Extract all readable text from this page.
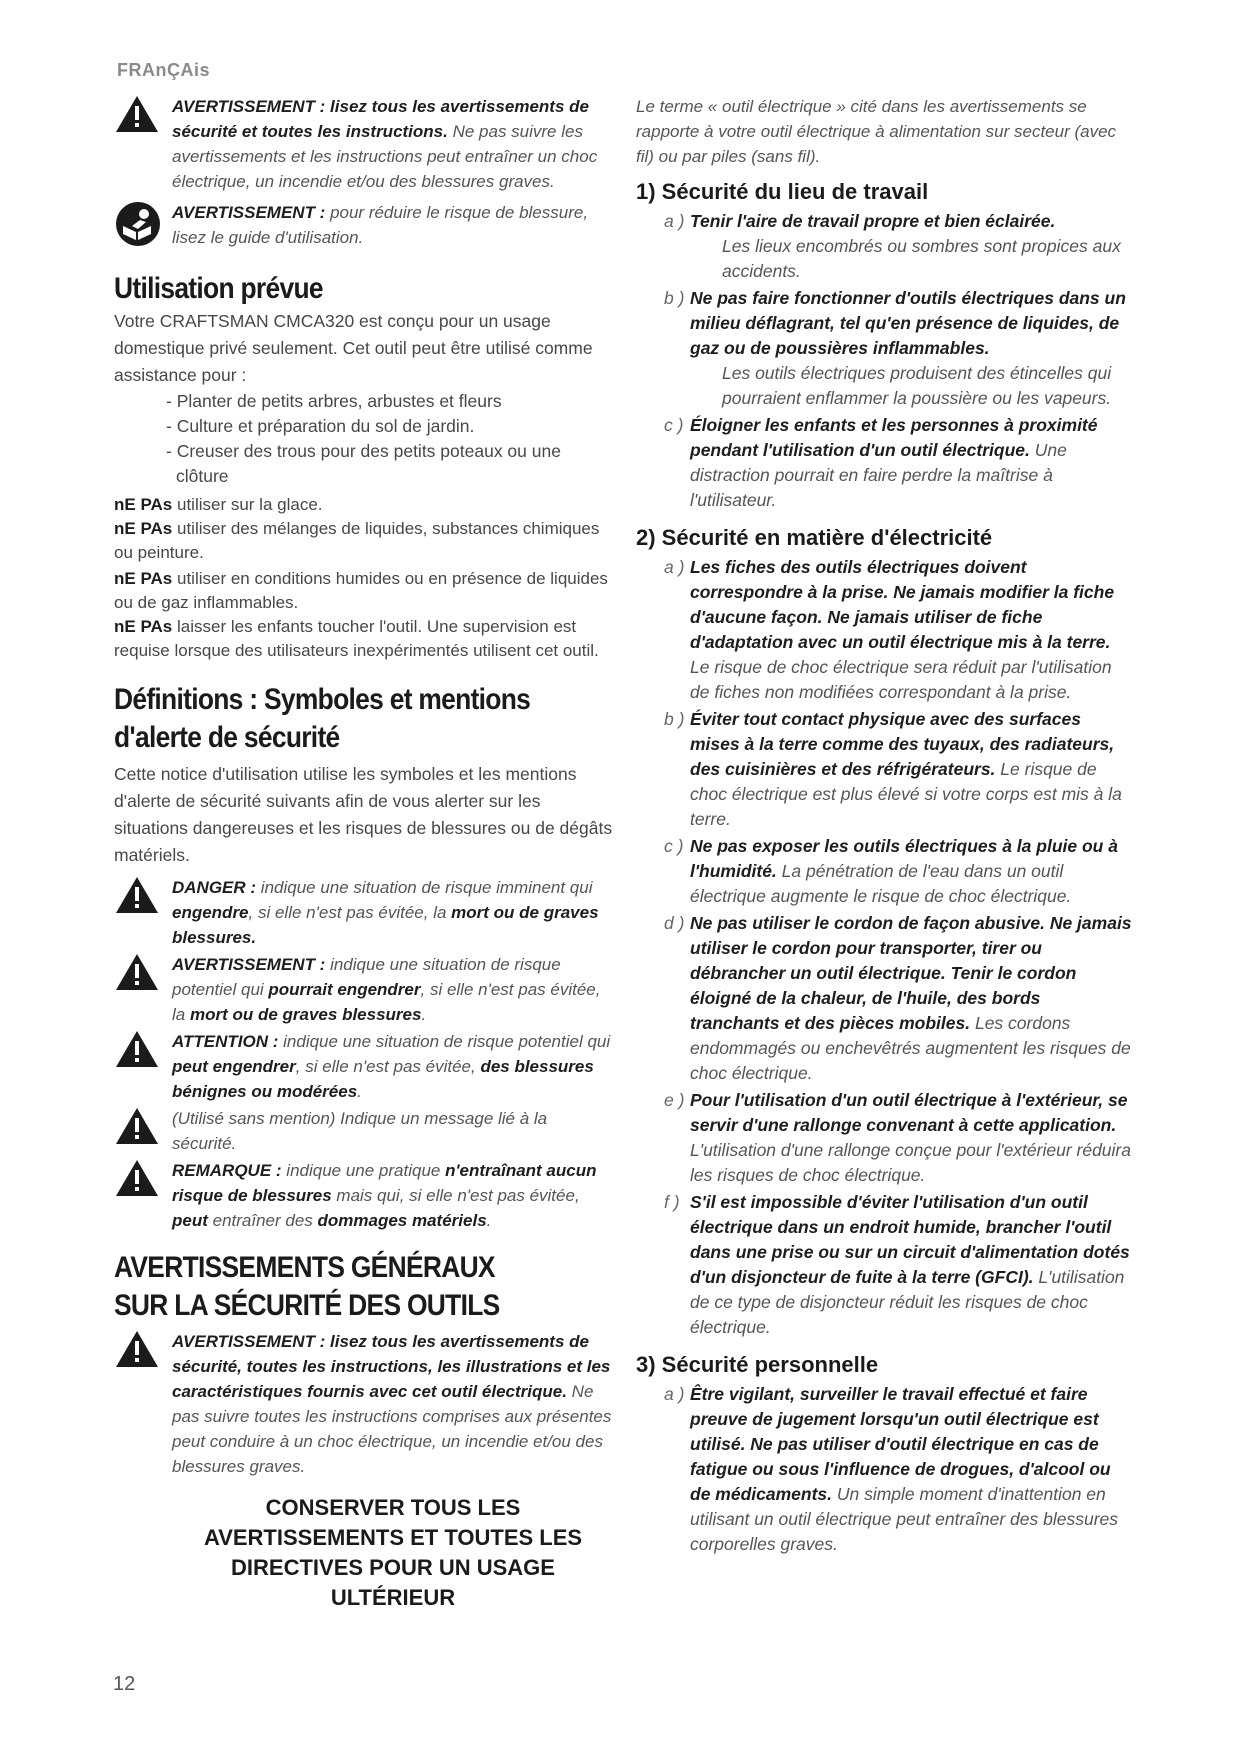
FRAnÇAis
AVERTISSEMENT : lisez tous les avertissements de sécurité et toutes les instructions. Ne pas suivre les avertissements et les instructions peut entraîner un choc électrique, un incendie et/ou des blessures graves.
AVERTISSEMENT : pour réduire le risque de blessure, lisez le guide d'utilisation.
Utilisation prévue

Votre CRAFTSMAN CMCA320 est conçu pour un usage domestique privé seulement. Cet outil peut être utilisé comme assistance pour :

- Planter de petits arbres, arbustes et fleurs
- Culture et préparation du sol de jardin.
- Creuser des trous pour des petits poteaux ou une clôture

nE PAs utiliser sur la glace.

nE PAs utiliser des mélanges de liquides, substances chimiques ou peinture.

nE PAs utiliser en conditions humides ou en présence de liquides ou de gaz inflammables.

nE PAs laisser les enfants toucher l'outil. Une supervision est requise lorsque des utilisateurs inexpérimentés utilisent cet outil.

Définitions : Symboles et mentions d'alerte de sécurité

Cette notice d'utilisation utilise les symboles et les mentions d'alerte de sécurité suivants afin de vous alerter sur les situations dangereuses et les risques de blessures ou de dégâts matériels.

DANGER : indique une situation de risque imminent qui engendre, si elle n'est pas évitée, la mort ou de graves blessures.
AVERTISSEMENT : indique une situation de risque potentiel qui pourrait engendrer, si elle n'est pas évitée, la mort ou de graves blessures.
ATTENTION : indique une situation de risque potentiel qui peut engendrer, si elle n'est pas évitée, des blessures bénignes ou modérées.
(Utilisé sans mention) Indique un message lié à la sécurité.
REMARQUE : indique une pratique n'entraînant aucun risque de blessures mais qui, si elle n'est pas évitée, peut entraîner des dommages matériels.
AVERTISSEMENTS GÉNÉRAUX SUR LA SÉCURITÉ DES OUTILS
AVERTISSEMENT : lisez tous les avertissements de sécurité, toutes les instructions, les illustrations et les caractéristiques fournis avec cet outil électrique. Ne pas suivre toutes les instructions comprises aux présentes peut conduire à un choc électrique, un incendie et/ou des blessures graves.
CONSERVER TOUS LES AVERTISSEMENTS ET TOUTES LES DIRECTIVES POUR UN USAGE ULTÉRIEUR
Le terme « outil électrique » cité dans les avertissements se rapporte à votre outil électrique à alimentation sur secteur (avec fil) ou par piles (sans fil).
1) Sécurité du lieu de travail
a ) Tenir l'aire de travail propre et bien éclairée.
Les lieux encombrés ou sombres sont propices aux accidents.
b ) Ne pas faire fonctionner d'outils électriques dans un milieu déflagrant, tel qu'en présence de liquides, de gaz ou de poussières inflammables.
Les outils électriques produisent des étincelles qui pourraient enflammer la poussière ou les vapeurs.
c ) Éloigner les enfants et les personnes à proximité pendant l'utilisation d'un outil électrique. Une distraction pourrait en faire perdre la maîtrise à l'utilisateur.
2) Sécurité en matière d'électricité
a ) Les fiches des outils électriques doivent correspondre à la prise. Ne jamais modifier la fiche d'aucune façon. Ne jamais utiliser de fiche d'adaptation avec un outil électrique mis à la terre. Le risque de choc électrique sera réduit par l'utilisation de fiches non modifiées correspondant à la prise.
b ) Éviter tout contact physique avec des surfaces mises à la terre comme des tuyaux, des radiateurs, des cuisinières et des réfrigérateurs. Le risque de choc électrique est plus élevé si votre corps est mis à la terre.
c ) Ne pas exposer les outils électriques à la pluie ou à l'humidité. La pénétration de l'eau dans un outil électrique augmente le risque de choc électrique.
d ) Ne pas utiliser le cordon de façon abusive. Ne jamais utiliser le cordon pour transporter, tirer ou débrancher un outil électrique. Tenir le cordon éloigné de la chaleur, de l'huile, des bords tranchants et des pièces mobiles. Les cordons endommagés ou enchevêtrés augmentent les risques de choc électrique.
e ) Pour l'utilisation d'un outil électrique à l'extérieur, se servir d'une rallonge convenant à cette application. L'utilisation d'une rallonge conçue pour l'extérieur réduira les risques de choc électrique.
f ) S'il est impossible d'éviter l'utilisation d'un outil électrique dans un endroit humide, brancher l'outil dans une prise ou sur un circuit d'alimentation dotés d'un disjoncteur de fuite à la terre (GFCI). L'utilisation de ce type de disjoncteur réduit les risques de choc électrique.
3) Sécurité personnelle
a ) Être vigilant, surveiller le travail effectué et faire preuve de jugement lorsqu'un outil électrique est utilisé. Ne pas utiliser d'outil électrique en cas de fatigue ou sous l'influence de drogues, d'alcool ou de médicaments. Un simple moment d'inattention en utilisant un outil électrique peut entraîner des blessures corporelles graves.
12
